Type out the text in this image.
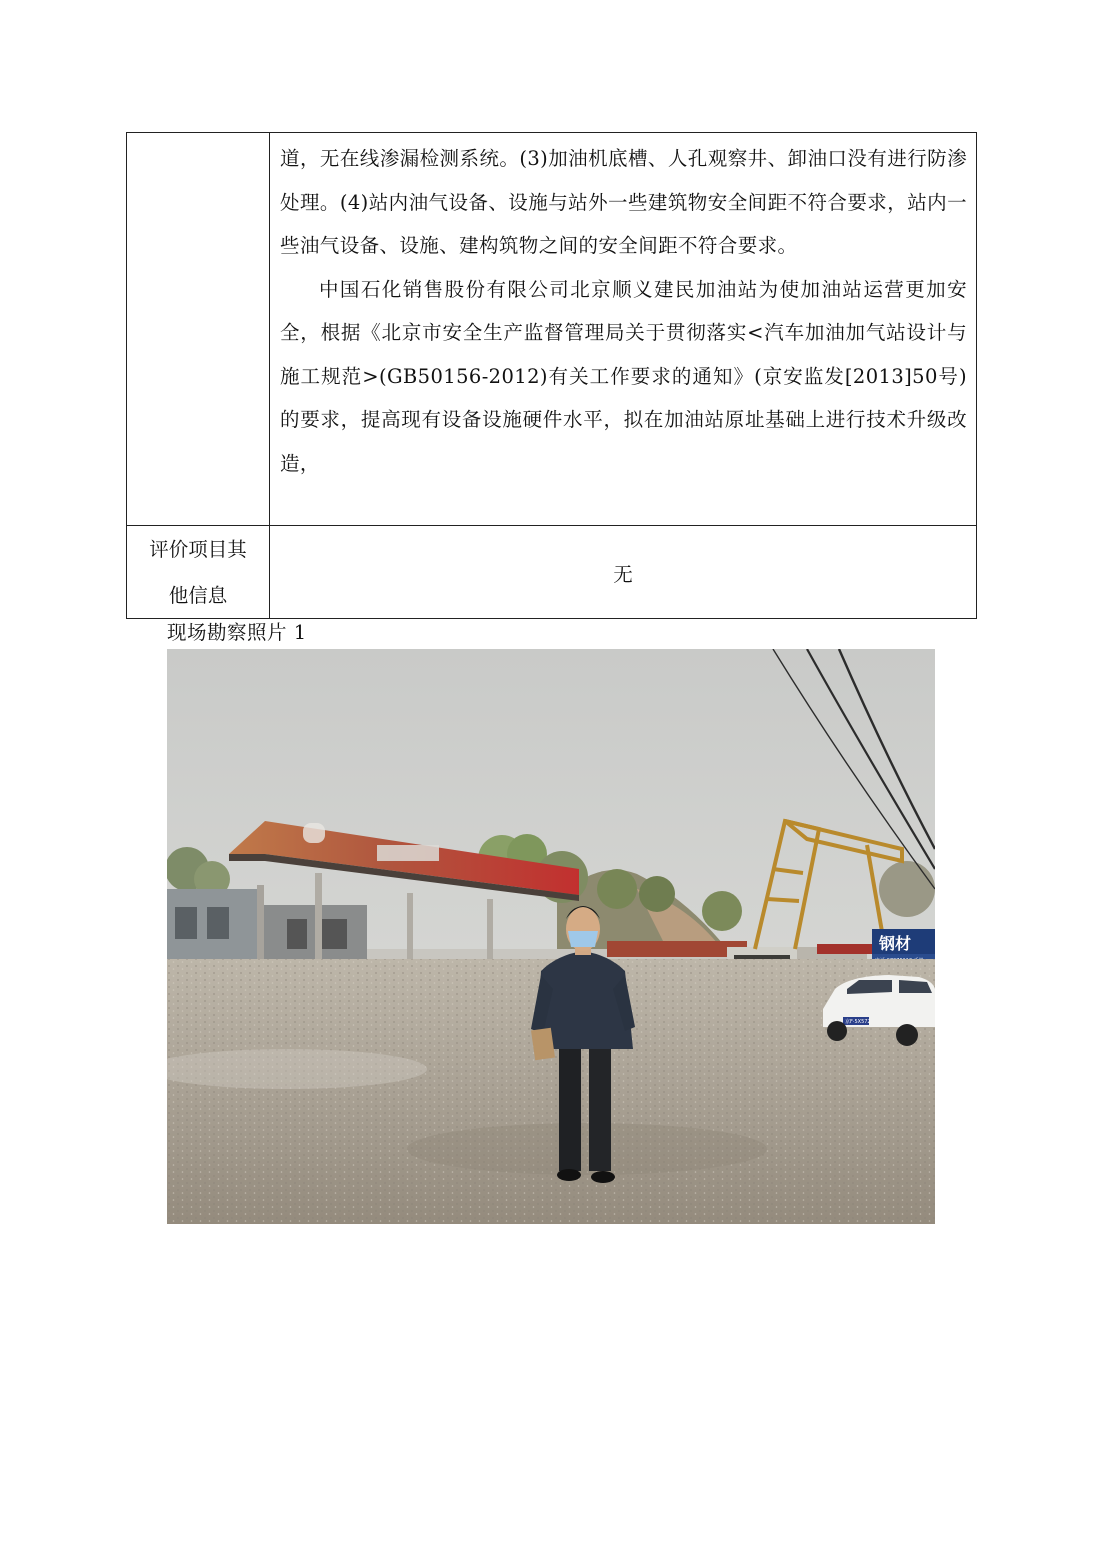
道，无在线渗漏检测系统。(3)加油机底槽、人孔观察井、卸油口没有进行防渗处理。(4)站内油气设备、设施与站外一些建筑物安全间距不符合要求，站内一些油气设备、设施、建构筑物之间的安全间距不符合要求。

中国石化销售股份有限公司北京顺义建民加油站为使加油站运营更加安全，根据《北京市安全生产监督管理局关于贯彻落实<汽车加油加气站设计与施工规范>(GB50156-2012)有关工作要求的通知》(京安监发[2013]50号)的要求，提高现有设备设施硬件水平，拟在加油站原址基础上进行技术升级改造，

评价项目其
他信息
无
现场勘察照片 1
钢材
京F·5X572
